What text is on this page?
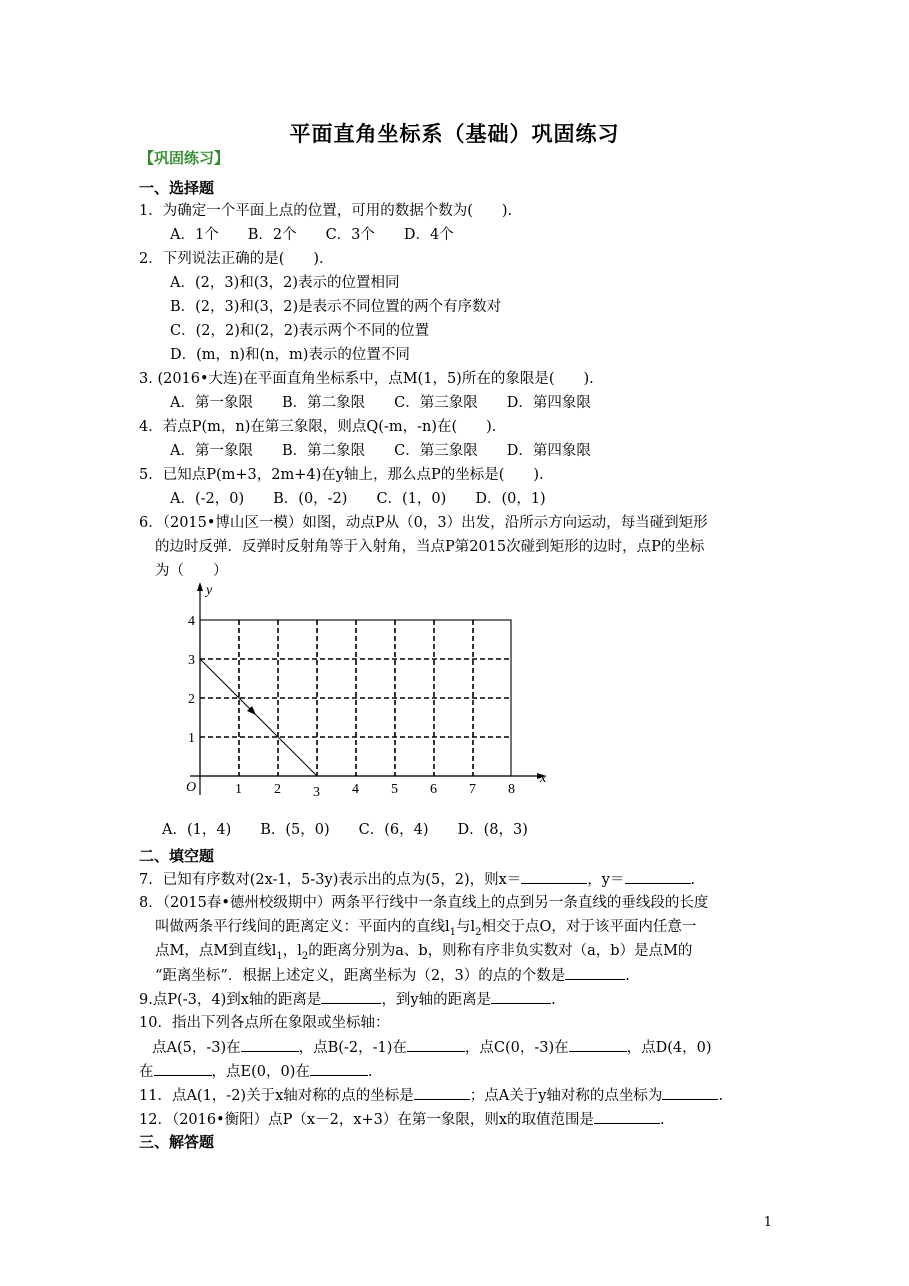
平面直角坐标系（基础）巩固练习
【巩固练习】
一、选择题
1．为确定一个平面上点的位置，可用的数据个数为(　　).
A．1个　　B．2个　　C．3个　　D．4个
2．下列说法正确的是(　　).
A．(2，3)和(3，2)表示的位置相同
B．(2，3)和(3，2)是表示不同位置的两个有序数对
C．(2，2)和(2，2)表示两个不同的位置
D．(m，n)和(n，m)表示的位置不同
3. (2016•大连)在平面直角坐标系中，点M(1，5)所在的象限是(　　).
A．第一象限　　B．第二象限　　C．第三象限　　D．第四象限
4．若点P(m，n)在第三象限，则点Q(-m，-n)在(　　).
A．第一象限　　B．第二象限　　C．第三象限　　D．第四象限
5．已知点P(m+3，2m+4)在y轴上，那么点P的坐标是(　　).
A．(-2，0)　　B．(0，-2)　　C．(1，0)　　D．(0，1)
6．（2015•博山区一模）如图，动点P从（0，3）出发，沿所示方向运动，每当碰到矩形
的边时反弹．反弹时反射角等于入射角，当点P第2015次碰到矩形的边时，点P的坐标
为（　　）
1 2 3 4 5 6 7 8
1
2
3
4
O
x
y
A．(1，4)　　B．(5，0)　　C．(6，4)　　D．(8，3)
二、填空题
7．已知有序数对(2x-1，5-3y)表示出的点为(5，2)，则x＝	，y＝	.
8．（2015春•德州校级期中）两条平行线中一条直线上的点到另一条直线的垂线段的长度
叫做两条平行线间的距离定义：平面内的直线$l_1$与$l_2$相交于点O，对于该平面内任意一
点M，点M到直线$l_1$，$l_2$的距离分别为a、b，则称有序非负实数对（a，b）是点M的
“距离坐标”．根据上述定义，距离坐标为（2，3）的点的个数是	.
9.点P(-3，4)到x轴的距离是	，到y轴的距离是	.
10．指出下列各点所在象限或坐标轴：
点A(5，-3)在	，点B(-2，-1)在	，点C(0，-3)在	，点D(4，0)
在	，点E(0，0)在	.
11．点A(1，-2)关于x轴对称的点的坐标是	；点A关于y轴对称的点坐标为	.
12．（2016•衡阳）点P（x－2，x+3）在第一象限，则x的取值范围是	.
三、解答题
1
